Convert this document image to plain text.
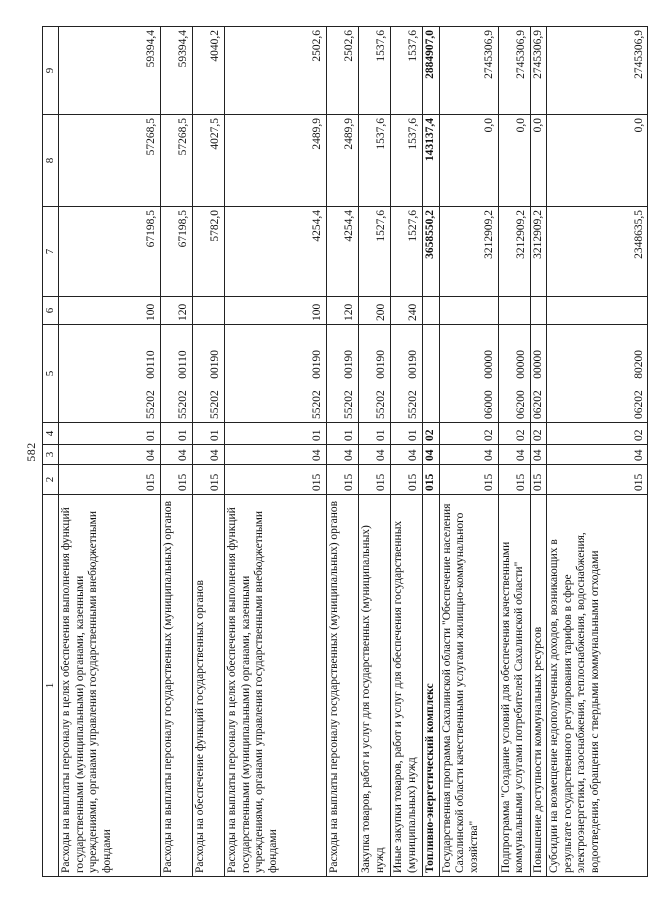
582
1	2	3	4	5	6	7	8	9
Расходы на выплаты персоналу в целях обеспечения выполнения функций государственными (муниципальными) органами, казенными учреждениями, органами управления государственными внебюджетными фондами	015	04	01	55202    00110	100	67198,5	57268,5	59394,4
Расходы на выплаты персоналу государственных (муниципальных) органов	015	04	01	55202    00110	120	67198,5	57268,5	59394,4
Расходы на обеспечение функций государственных органов	015	04	01	55202    00190		5782,0	4027,5	4040,2
Расходы на выплаты персоналу в целях обеспечения выполнения функций государственными (муниципальными) органами, казенными учреждениями, органами управления государственными внебюджетными фондами	015	04	01	55202    00190	100	4254,4	2489,9	2502,6
Расходы на выплаты персоналу государственных (муниципальных) органов	015	04	01	55202    00190	120	4254,4	2489,9	2502,6
Закупка товаров, работ и услуг для государственных (муниципальных) нужд	015	04	01	55202    00190	200	1527,6	1537,6	1537,6
Иные закупки товаров, работ и услуг для обеспечения государственных (муниципальных) нужд	015	04	01	55202    00190	240	1527,6	1537,6	1537,6
Топливно-энергетический комплекс	015	04	02			3658550,2	143137,4	2884907,0
Государственная программа Сахалинской области "Обеспечение населения Сахалинской области качественными услугами жилищно-коммунального хозяйства"	015	04	02	06000    00000		3212909,2	0,0	2745306,9
Подпрограмма "Создание условий для обеспечения качественными коммунальными услугами потребителей Сахалинской области"	015	04	02	06200    00000		3212909,2	0,0	2745306,9
Повышение доступности коммунальных ресурсов	015	04	02	06202    00000		3212909,2	0,0	2745306,9
Субсидии на возмещение недополученных доходов, возникающих в результате государственного регулирования тарифов в сфере электроэнергетики, газоснабжения, теплоснабжения, водоснабжения, водоотведения, обращения с твердыми коммунальными отходами	015	04	02	06202    80200		2348635,5	0,0	2745306,9
